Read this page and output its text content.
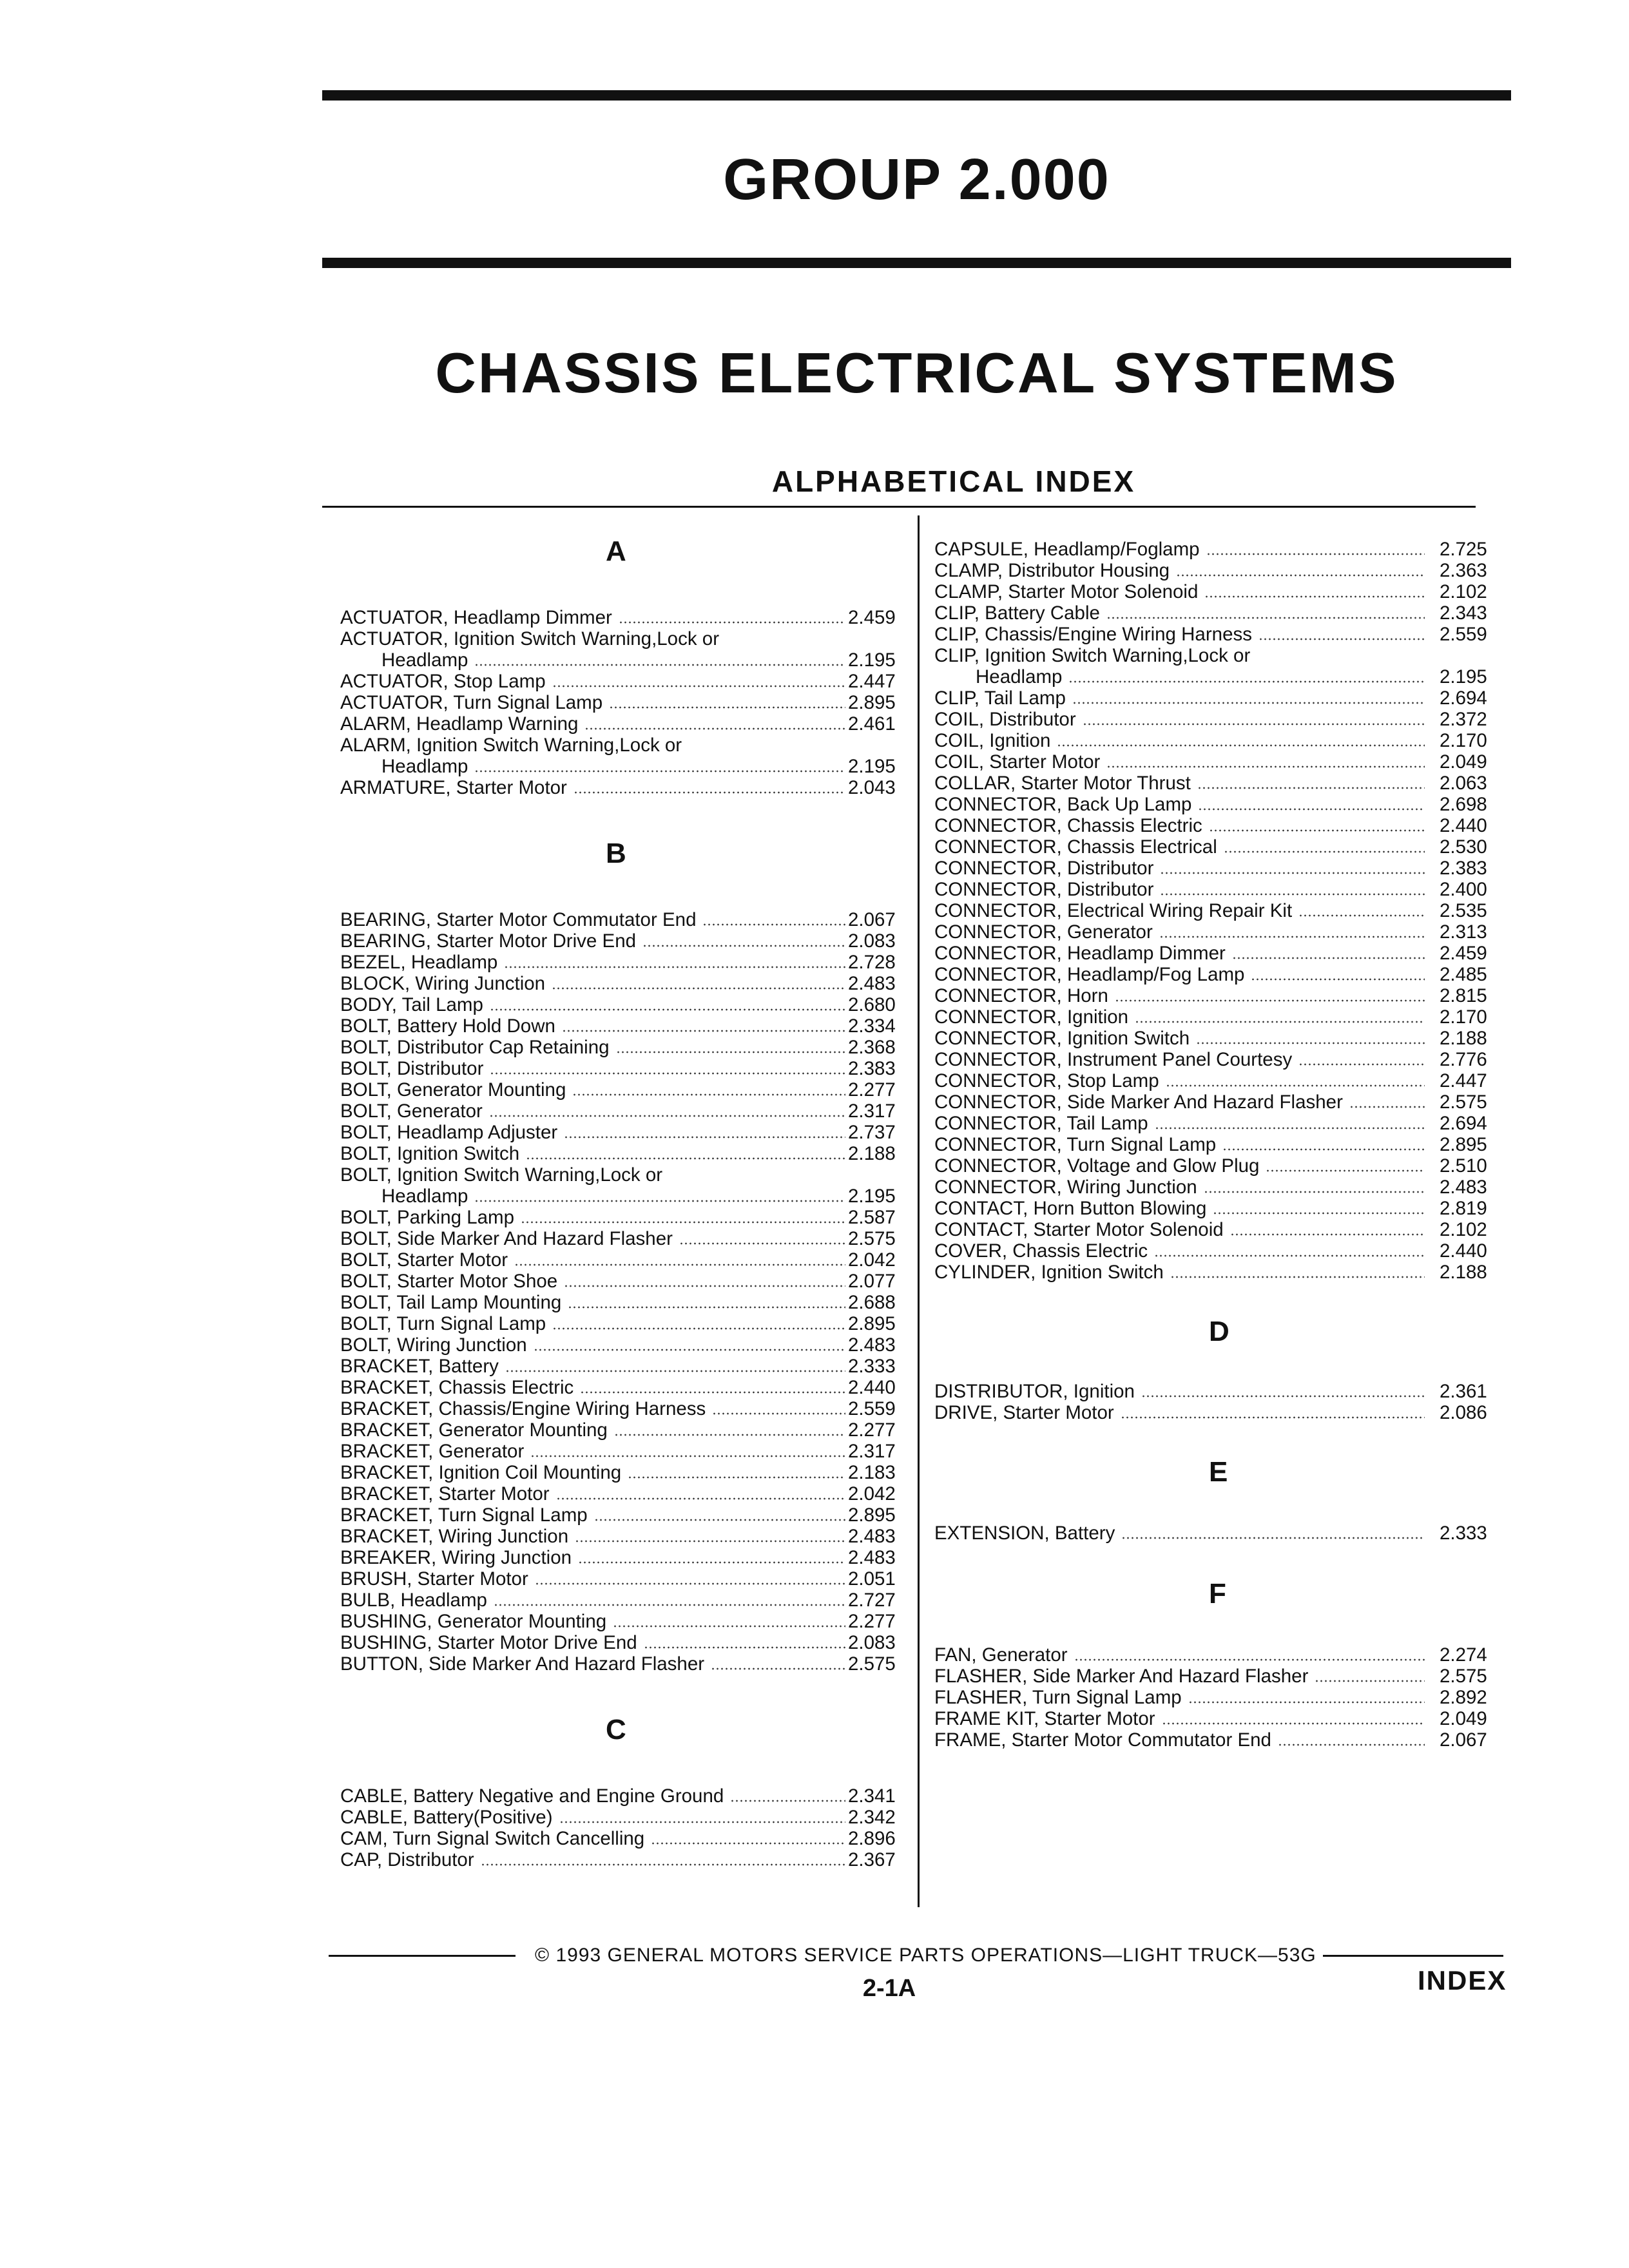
GROUP 2.000
CHASSIS ELECTRICAL SYSTEMS
ALPHABETICAL INDEX
A
ACTUATOR, Headlamp Dimmer	2.459
ACTUATOR, Ignition Switch Warning,Lock or
Headlamp	2.195
ACTUATOR, Stop Lamp	2.447
ACTUATOR, Turn Signal Lamp	2.895
ALARM, Headlamp Warning	2.461
ALARM, Ignition Switch Warning,Lock or
Headlamp	2.195
ARMATURE, Starter Motor	2.043
B
BEARING, Starter Motor Commutator End	2.067
BEARING, Starter Motor Drive End	2.083
BEZEL, Headlamp	2.728
BLOCK, Wiring Junction	2.483
BODY, Tail Lamp	2.680
BOLT, Battery Hold Down	2.334
BOLT, Distributor Cap Retaining	2.368
BOLT, Distributor	2.383
BOLT, Generator Mounting	2.277
BOLT, Generator	2.317
BOLT, Headlamp Adjuster	2.737
BOLT, Ignition Switch	2.188
BOLT, Ignition Switch Warning,Lock or
Headlamp	2.195
BOLT, Parking Lamp	2.587
BOLT, Side Marker And Hazard Flasher	2.575
BOLT, Starter Motor	2.042
BOLT, Starter Motor Shoe	2.077
BOLT, Tail Lamp Mounting	2.688
BOLT, Turn Signal Lamp	2.895
BOLT, Wiring Junction	2.483
BRACKET, Battery	2.333
BRACKET, Chassis Electric	2.440
BRACKET, Chassis/Engine Wiring Harness	2.559
BRACKET, Generator Mounting	2.277
BRACKET, Generator	2.317
BRACKET, Ignition Coil Mounting	2.183
BRACKET, Starter Motor	2.042
BRACKET, Turn Signal Lamp	2.895
BRACKET, Wiring Junction	2.483
BREAKER, Wiring Junction	2.483
BRUSH, Starter Motor	2.051
BULB, Headlamp	2.727
BUSHING, Generator Mounting	2.277
BUSHING, Starter Motor Drive End	2.083
BUTTON, Side Marker And Hazard Flasher	2.575
C
CABLE, Battery Negative and Engine Ground	2.341
CABLE, Battery(Positive)	2.342
CAM, Turn Signal Switch Cancelling	2.896
CAP, Distributor	2.367
CAPSULE, Headlamp/Foglamp	2.725
CLAMP, Distributor Housing	2.363
CLAMP, Starter Motor Solenoid	2.102
CLIP, Battery Cable	2.343
CLIP, Chassis/Engine Wiring Harness	2.559
CLIP, Ignition Switch Warning,Lock or
Headlamp	2.195
CLIP, Tail Lamp	2.694
COIL, Distributor	2.372
COIL, Ignition	2.170
COIL, Starter Motor	2.049
COLLAR, Starter Motor Thrust	2.063
CONNECTOR, Back Up Lamp	2.698
CONNECTOR, Chassis Electric	2.440
CONNECTOR, Chassis Electrical	2.530
CONNECTOR, Distributor	2.383
CONNECTOR, Distributor	2.400
CONNECTOR, Electrical Wiring Repair Kit	2.535
CONNECTOR, Generator	2.313
CONNECTOR, Headlamp Dimmer	2.459
CONNECTOR, Headlamp/Fog Lamp	2.485
CONNECTOR, Horn	2.815
CONNECTOR, Ignition	2.170
CONNECTOR, Ignition Switch	2.188
CONNECTOR, Instrument Panel Courtesy	2.776
CONNECTOR, Stop Lamp	2.447
CONNECTOR, Side Marker And Hazard Flasher	2.575
CONNECTOR, Tail Lamp	2.694
CONNECTOR, Turn Signal Lamp	2.895
CONNECTOR, Voltage and Glow Plug	2.510
CONNECTOR, Wiring Junction	2.483
CONTACT, Horn Button Blowing	2.819
CONTACT, Starter Motor Solenoid	2.102
COVER, Chassis Electric	2.440
CYLINDER, Ignition Switch	2.188
D
DISTRIBUTOR, Ignition	2.361
DRIVE, Starter Motor	2.086
E
EXTENSION, Battery	2.333
F
FAN, Generator	2.274
FLASHER, Side Marker And Hazard Flasher	2.575
FLASHER, Turn Signal Lamp	2.892
FRAME KIT, Starter Motor	2.049
FRAME, Starter Motor Commutator End	2.067
© 1993 GENERAL MOTORS SERVICE PARTS OPERATIONS—LIGHT TRUCK—53G
2-1A	INDEX
